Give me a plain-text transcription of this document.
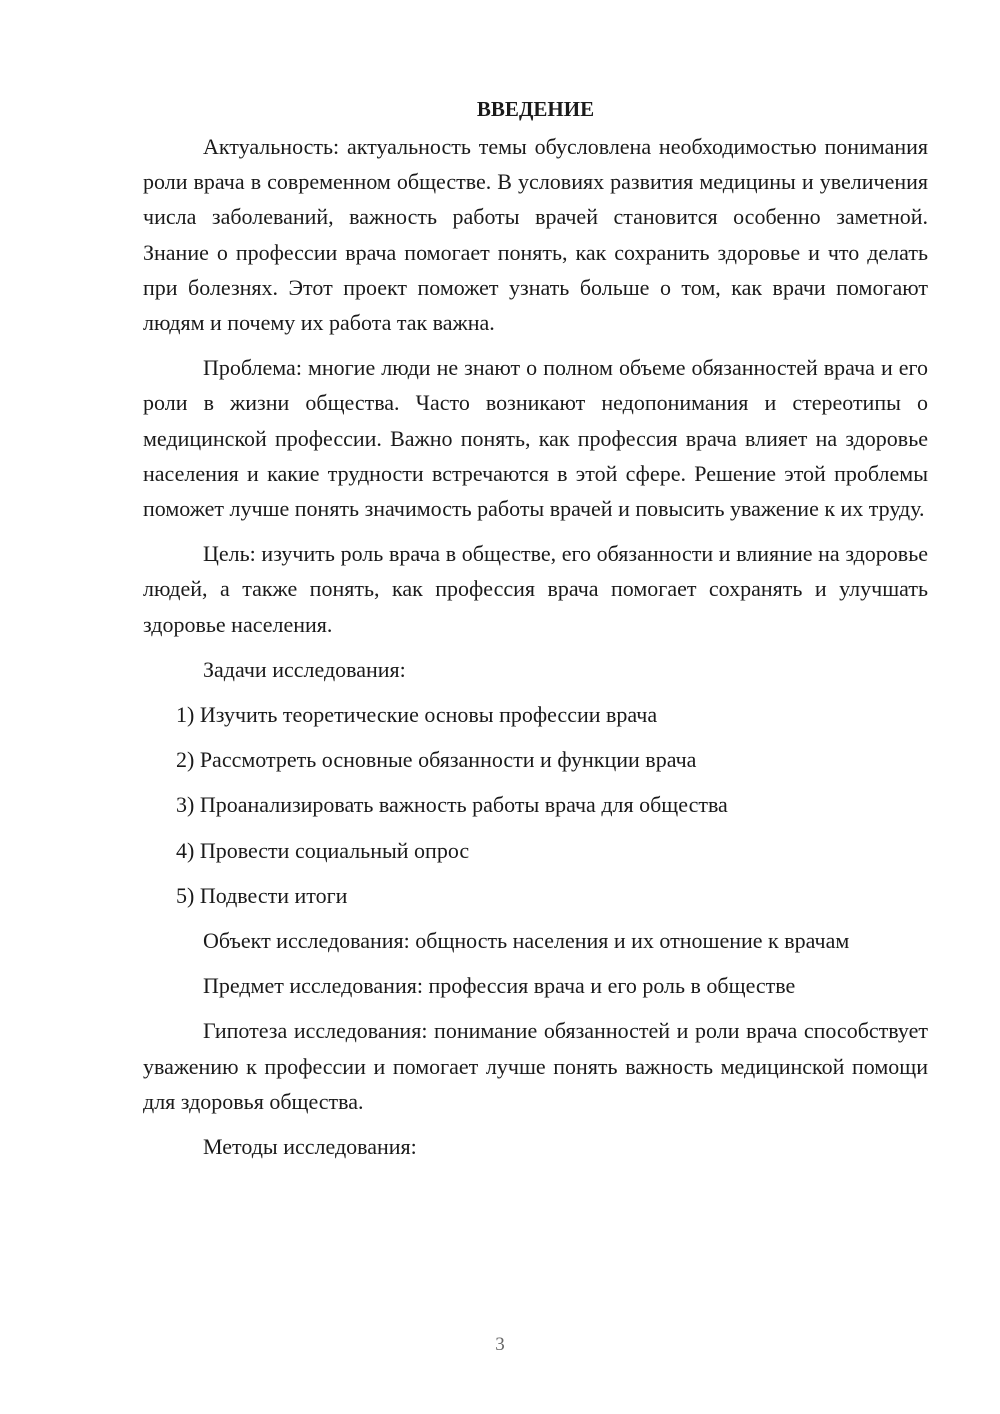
ВВЕДЕНИЕ

Актуальность: актуальность темы обусловлена необходимостью понимания роли врача в современном обществе. В условиях развития медицины и увеличения числа заболеваний, важность работы врачей становится особенно заметной. Знание о профессии врача помогает понять, как сохранить здоровье и что делать при болезнях. Этот проект поможет узнать больше о том, как врачи помогают людям и почему их работа так важна.

Проблема: многие люди не знают о полном объеме обязанностей врача и его роли в жизни общества. Часто возникают недопонимания и стереотипы о медицинской профессии. Важно понять, как профессия врача влияет на здоровье населения и какие трудности встречаются в этой сфере. Решение этой проблемы поможет лучше понять значимость работы врачей и повысить уважение к их труду.

Цель: изучить роль врача в обществе, его обязанности и влияние на здоровье людей, а также понять, как профессия врача помогает сохранять и улучшать здоровье населения.

Задачи исследования:

1) Изучить теоретические основы профессии врача
2) Рассмотреть основные обязанности и функции врача
3) Проанализировать важность работы врача для общества
4) Провести социальный опрос
5) Подвести итоги

Объект исследования: общность населения и их отношение к врачам

Предмет исследования: профессия врача и его роль в обществе

Гипотеза исследования: понимание обязанностей и роли врача способствует уважению к профессии и помогает лучше понять важность медицинской помощи для здоровья общества.

Методы исследования:

3
